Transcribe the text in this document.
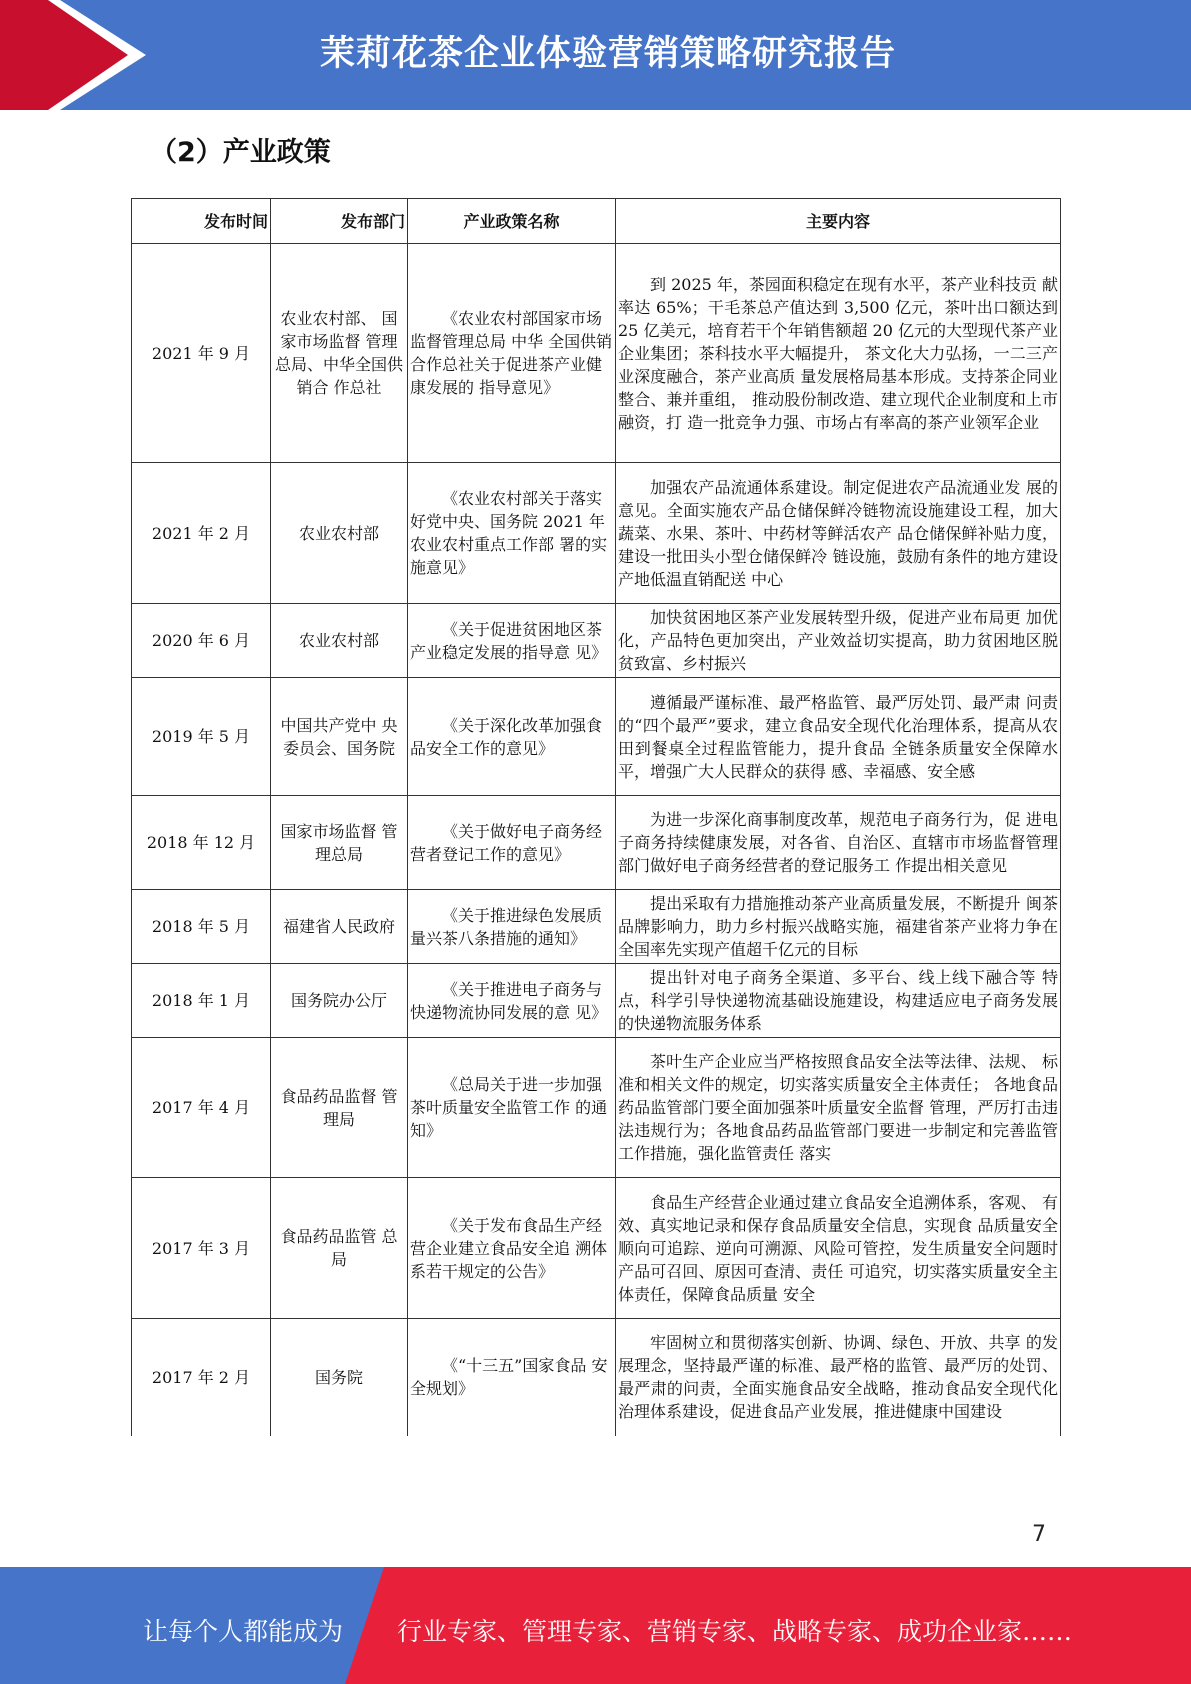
茉莉花茶企业体验营销策略研究报告
（2）产业政策
发布时间	发布部门	产业政策名称	主要内容
2021 年 9 月	农业农村部、 国家市场监督 管理总局、中华全国供销合 作总社	《农业农村部国家市场监督管理总局 中华 全国供销合作总社关于促进茶产业健康发展的 指导意见》	到 2025 年，茶园面积稳定在现有水平，茶产业科技贡 献率达 65%；干毛茶总产值达到 3,500 亿元，茶叶出口额达到 25 亿美元，培育若干个年销售额超 20 亿元的大型现代茶产业企业集团；茶科技水平大幅提升， 茶文化大力弘扬，一二三产业深度融合，茶产业高质 量发展格局基本形成。支持茶企同业整合、兼并重组， 推动股份制改造、建立现代企业制度和上市融资，打 造一批竞争力强、市场占有率高的茶产业领军企业
2021 年 2 月	农业农村部	《农业农村部关于落实 好党中央、国务院 2021 年农业农村重点工作部 署的实施意见》	加强农产品流通体系建设。制定促进农产品流通业发 展的意见。全面实施农产品仓储保鲜冷链物流设施建设工程，加大蔬菜、水果、茶叶、中药材等鲜活农产 品仓储保鲜补贴力度，建设一批田头小型仓储保鲜冷 链设施，鼓励有条件的地方建设产地低温直销配送 中心
2020 年 6 月	农业农村部	《关于促进贫困地区茶 产业稳定发展的指导意 见》	加快贫困地区茶产业发展转型升级，促进产业布局更 加优化，产品特色更加突出，产业效益切实提高，助力贫困地区脱贫致富、乡村振兴
2019 年 5 月	中国共产党中 央委员会、国务院	《关于深化改革加强食 品安全工作的意见》	遵循最严谨标准、最严格监管、最严厉处罚、最严肃 问责的“四个最严”要求，建立食品安全现代化治理体系，提高从农田到餐桌全过程监管能力，提升食品 全链条质量安全保障水平，增强广大人民群众的获得 感、幸福感、安全感
2018 年 12 月	国家市场监督 管理总局	《关于做好电子商务经 营者登记工作的意见》	为进一步深化商事制度改革，规范电子商务行为，促 进电子商务持续健康发展，对各省、自治区、直辖市市场监督管理部门做好电子商务经营者的登记服务工 作提出相关意见
2018 年 5 月	福建省人民政府	《关于推进绿色发展质 量兴茶八条措施的通知》	提出采取有力措施推动茶产业高质量发展，不断提升 闽茶品牌影响力，助力乡村振兴战略实施，福建省茶产业将力争在全国率先实现产值超千亿元的目标
2018 年 1 月	国务院办公厅	《关于推进电子商务与 快递物流协同发展的意 见》	提出针对电子商务全渠道、多平台、线上线下融合等 特点，科学引导快递物流基础设施建设，构建适应电子商务发展的快递物流服务体系
2017 年 4 月	食品药品监督 管理局	《总局关于进一步加强 茶叶质量安全监管工作 的通知》	茶叶生产企业应当严格按照食品安全法等法律、法规、 标准和相关文件的规定，切实落实质量安全主体责任； 各地食品药品监管部门要全面加强茶叶质量安全监督 管理，严厉打击违法违规行为；各地食品药品监管部门要进一步制定和完善监管工作措施，强化监管责任 落实
2017 年 3 月	食品药品监管 总局	《关于发布食品生产经 营企业建立食品安全追 溯体系若干规定的公告》	食品生产经营企业通过建立食品安全追溯体系，客观、 有效、真实地记录和保存食品质量安全信息，实现食 品质量安全顺向可追踪、逆向可溯源、风险可管控，发生质量安全问题时产品可召回、原因可查清、责任 可追究，切实落实质量安全主体责任，保障食品质量 安全
2017 年 2 月	国务院	《“十三五”国家食品 安全规划》	牢固树立和贯彻落实创新、协调、绿色、开放、共享 的发展理念，坚持最严谨的标准、最严格的监管、最严厉的处罚、最严肃的问责，全面实施食品安全战略，推动食品安全现代化治理体系建设，促进食品产业发展，推进健康中国建设
7
让每个人都能成为 行业专家、管理专家、营销专家、战略专家、成功企业家……
